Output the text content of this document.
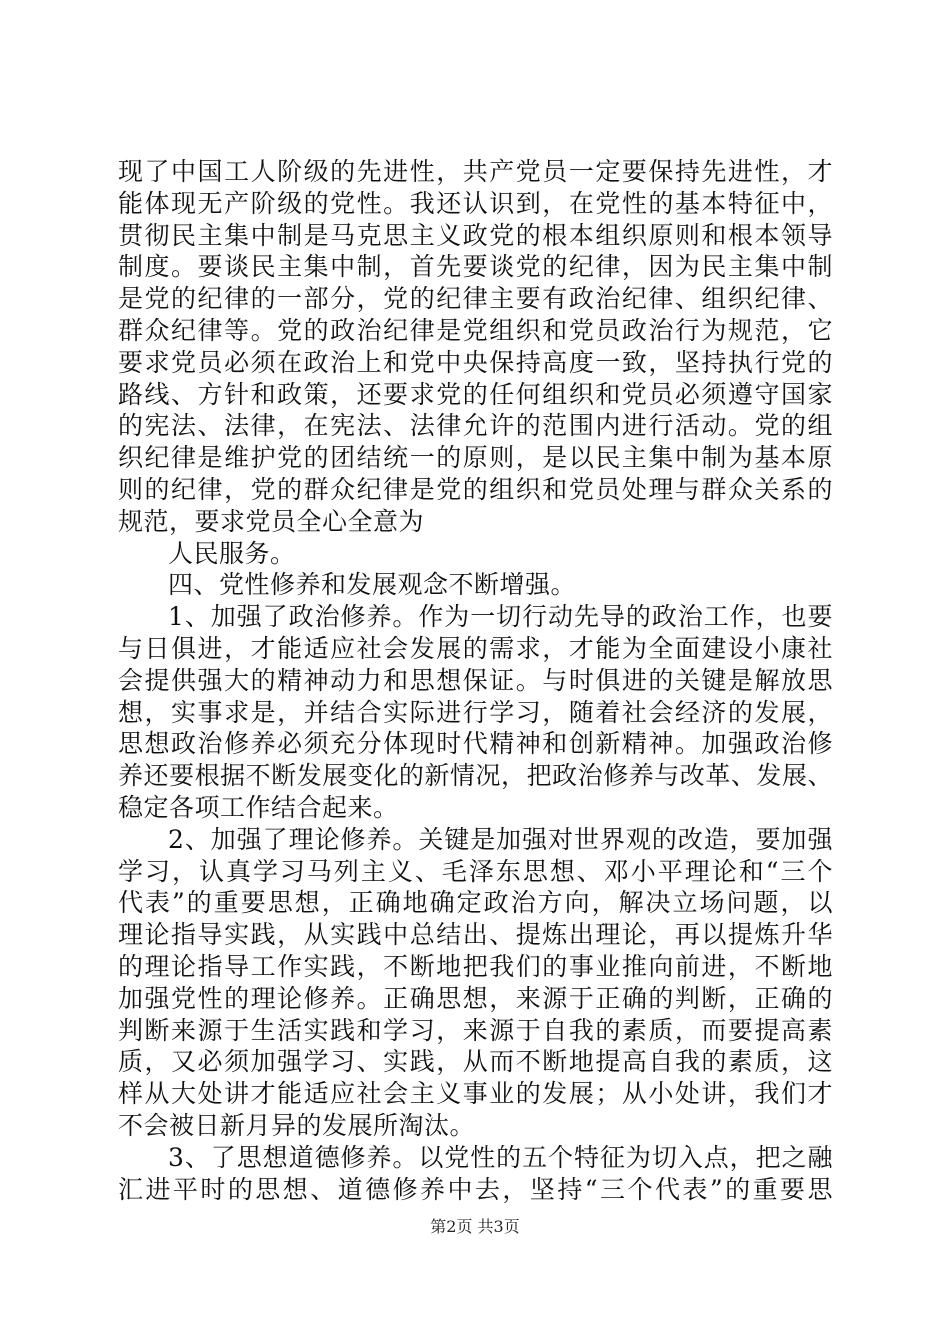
现了中国工人阶级的先进性，共产党员一定要保持先进性，才
能体现无产阶级的党性。我还认识到，在党性的基本特征中，
贯彻民主集中制是马克思主义政党的根本组织原则和根本领导
制度。要谈民主集中制，首先要谈党的纪律，因为民主集中制
是党的纪律的一部分，党的纪律主要有政治纪律、组织纪律、
群众纪律等。党的政治纪律是党组织和党员政治行为规范，它
要求党员必须在政治上和党中央保持高度一致，坚持执行党的
路线、方针和政策，还要求党的任何组织和党员必须遵守国家
的宪法、法律，在宪法、法律允许的范围内进行活动。党的组
织纪律是维护党的团结统一的原则，是以民主集中制为基本原
则的纪律，党的群众纪律是党的组织和党员处理与群众关系的
规范，要求党员全心全意为
人民服务。
四、党性修养和发展观念不断增强。
1、加强了政治修养。作为一切行动先导的政治工作，也要
与日俱进，才能适应社会发展的需求，才能为全面建设小康社
会提供强大的精神动力和思想保证。与时俱进的关键是解放思
想，实事求是，并结合实际进行学习，随着社会经济的发展，
思想政治修养必须充分体现时代精神和创新精神。加强政治修
养还要根据不断发展变化的新情况，把政治修养与改革、发展、
稳定各项工作结合起来。
2、加强了理论修养。关键是加强对世界观的改造，要加强
学习，认真学习马列主义、毛泽东思想、邓小平理论和“三个
代表”的重要思想，正确地确定政治方向，解决立场问题，以
理论指导实践，从实践中总结出、提炼出理论，再以提炼升华
的理论指导工作实践，不断地把我们的事业推向前进，不断地
加强党性的理论修养。正确思想，来源于正确的判断，正确的
判断来源于生活实践和学习，来源于自我的素质，而要提高素
质，又必须加强学习、实践，从而不断地提高自我的素质，这
样从大处讲才能适应社会主义事业的发展；从小处讲，我们才
不会被日新月异的发展所淘汰。
3、了思想道德修养。以党性的五个特征为切入点，把之融
汇进平时的思想、道德修养中去，坚持“三个代表”的重要思
第2页 共3页
